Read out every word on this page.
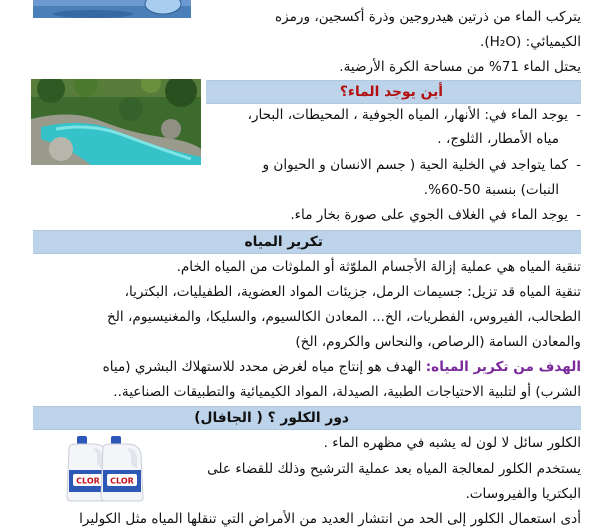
يتركب الماء من ذرتين هيدروجين وذرة أكسجين، ورمزه
الكيميائي: (H₂O).
يحتل الماء 71% من مساحة الكرة الأرضية.
أين يوجد الماء؟
-  يوجد الماء في: الأنهار، المياه الجوفية ، المحيطات، البحار،
مياه الأمطار، الثلوج، .
-  كما يتواجد في الخلية الحية ( جسم الانسان و الحيوان و
النبات) بنسبة 50-60%.
-  يوجد الماء في الغلاف الجوي على صورة بخار ماء.
تكرير المياه
تنقية المياه هي عملية إزالة الأجسام الملوّثة أو الملوثات من المياه الخام.
تنقية المياه قد تزيل: جسيمات الرمل، جزيئات المواد العضوية، الطفيليات، البكتريا،
الطحالب، الفيروس، الفطريات، الخ... المعادن الكالسيوم، والسليكا، والمغنيسيوم، الخ
والمعادن السامة (الرصاص، والنحاس والكروم، الخ)
الهدف من تكرير المياه: الهدف هو إنتاج مياه لغرض محدد للاستهلاك البشري (مياه
الشرب) أو لتلبية الاحتياجات الطبية، الصيدلة، المواد الكيميائية والتطبيقات الصناعية..
دور الكلور ؟ ( الجافال)
CLOR CLOR
الكلور سائل لا لون له يشبه في مظهره الماء .
يستخدم الكلور لمعالجة المياه بعد عملية الترشيح وذلك للقضاء على
البكتريا والفيروسات.
أدى استعمال الكلور إلى الحد من انتشار العديد من الأمراض التي تنقلها المياه مثل الكوليرا
